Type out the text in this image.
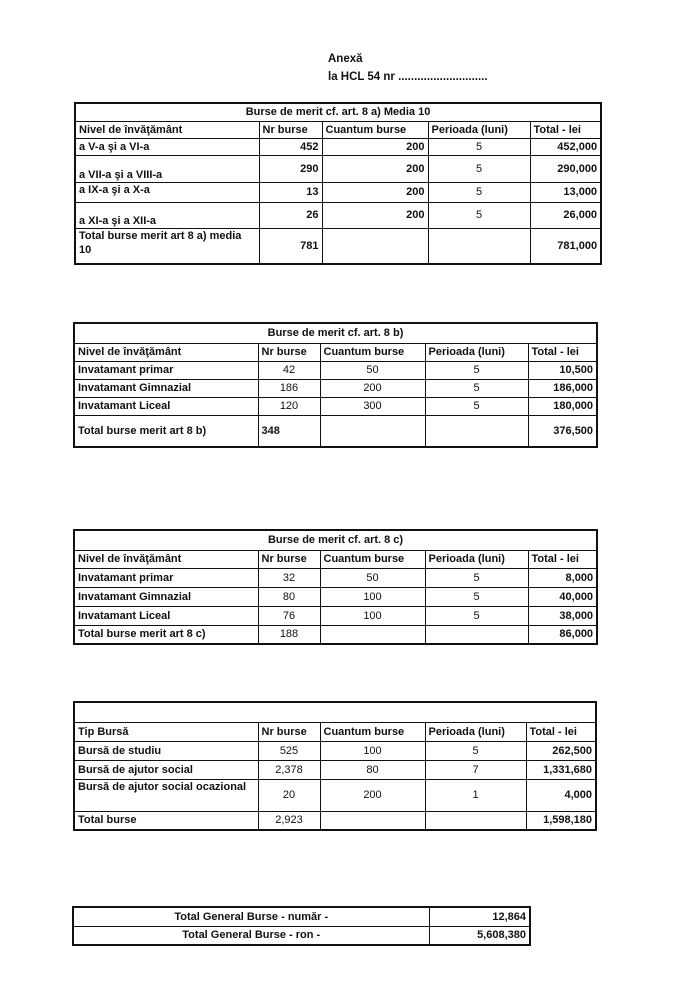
Anexă
la HCL 54 nr ............................
Burse de merit cf. art. 8 a) Media 10				
Nivel de învăţământ	Nr burse	Cuantum burse	Perioada (luni)	Total - lei
a V-a şi a VI-a	452	200	5	452,000
a VII-a şi a VIII-a	290	200	5	290,000
a IX-a şi a X-a	13	200	5	13,000
a XI-a şi a XII-a	26	200	5	26,000
Total burse merit art 8 a) media 10	781			781,000
Burse de merit cf. art. 8 b)				
Nivel de învăţământ	Nr burse	Cuantum burse	Perioada (luni)	Total - lei
Invatamant primar	42	50	5	10,500
Invatamant Gimnazial	186	200	5	186,000
Invatamant Liceal	120	300	5	180,000
Total burse merit art 8 b)	348			376,500
Burse de merit cf. art. 8 c)				
Nivel de învăţământ	Nr burse	Cuantum burse	Perioada (luni)	Total - lei
Invatamant primar	32	50	5	8,000
Invatamant Gimnazial	80	100	5	40,000
Invatamant Liceal	76	100	5	38,000
Total burse merit art 8 c)	188			86,000

Tip Bursă	Nr burse	Cuantum burse	Perioada (luni)	Total - lei
Bursă de studiu	525	100	5	262,500
Bursă de ajutor social	2,378	80	7	1,331,680
Bursă de ajutor social ocazional	20	200	1	4,000
Total burse	2,923			1,598,180
Total General Burse - număr -	12,864
Total General Burse - ron -	5,608,380
